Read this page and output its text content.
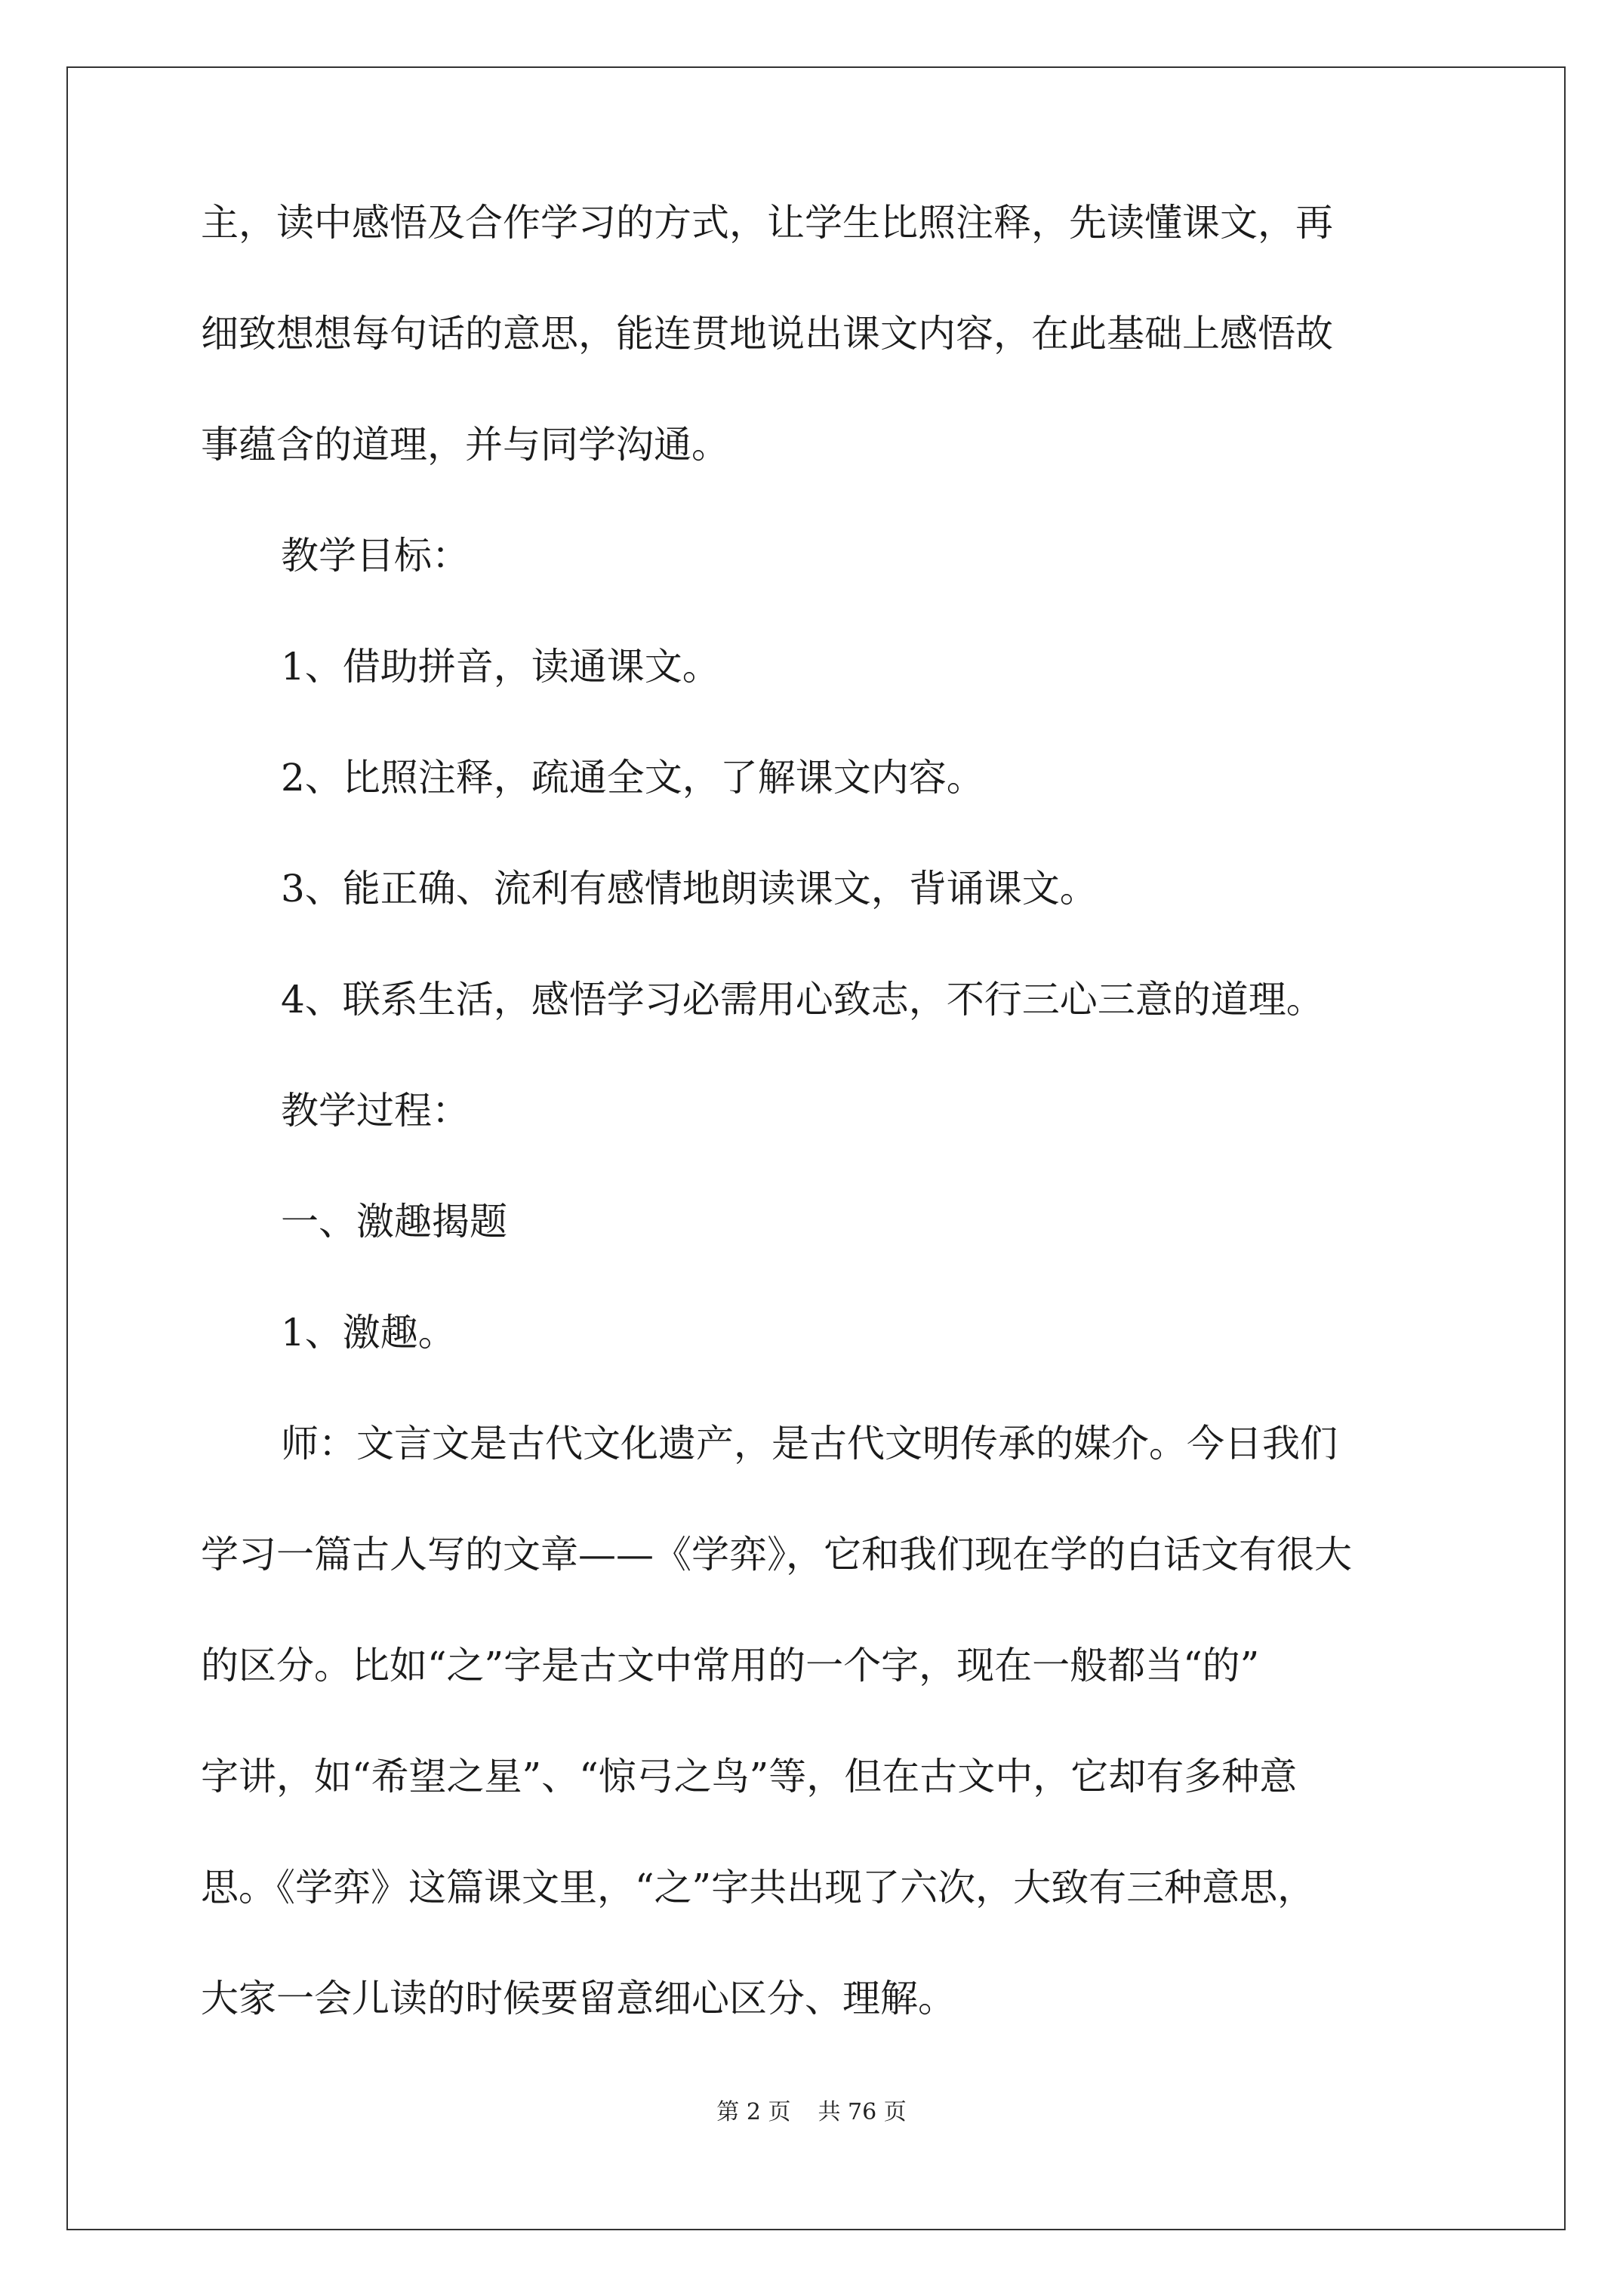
主，读中感悟及合作学习的方式，让学生比照注释，先读懂课文，再
细致想想每句话的意思，能连贯地说出课文内容，在此基础上感悟故
事蕴含的道理，并与同学沟通。
教学目标：
1、借助拼音，读通课文。
2、比照注释，疏通全文，了解课文内容。
3、能正确、流利有感情地朗读课文，背诵课文。
4、联系生活，感悟学习必需用心致志，不行三心三意的道理。
教学过程：
一、激趣揭题
1、激趣。
师：文言文是古代文化遗产，是古代文明传承的媒介。今日我们
学习一篇古人写的文章——《学弈》，它和我们现在学的白话文有很大
的区分。比如“之”字是古文中常用的一个字，现在一般都当“的”
字讲，如“希望之星”、“惊弓之鸟”等，但在古文中，它却有多种意
思。《学弈》这篇课文里，“之”字共出现了六次，大致有三种意思，
大家一会儿读的时候要留意细心区分、理解。
第 2 页 共 76 页
